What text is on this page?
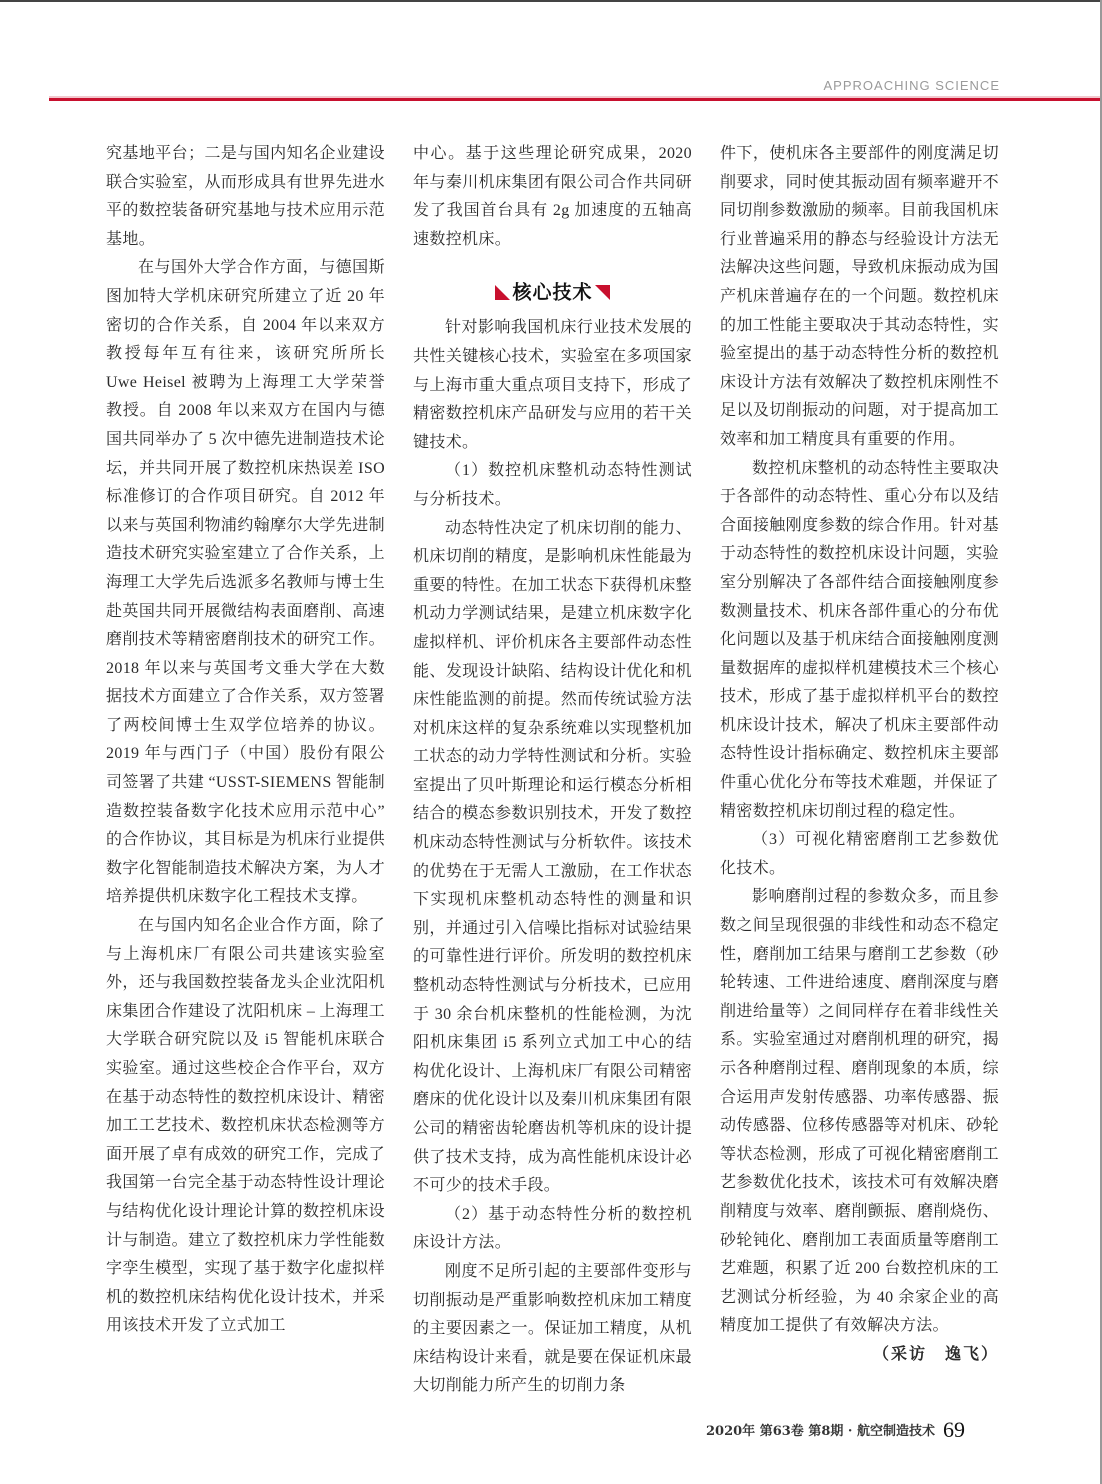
APPROACHING SCIENCE

究基地平台；二是与国内知名企业建设联合实验室，从而形成具有世界先进水平的数控装备研究基地与技术应用示范基地。

在与国外大学合作方面，与德国斯图加特大学机床研究所建立了近 20 年密切的合作关系，自 2004 年以来双方教授每年互有往来，该研究所所长 Uwe Heisel 被聘为上海理工大学荣誉教授。自 2008 年以来双方在国内与德国共同举办了 5 次中德先进制造技术论坛，并共同开展了数控机床热误差 ISO 标准修订的合作项目研究。自 2012 年以来与英国利物浦约翰摩尔大学先进制造技术研究实验室建立了合作关系，上海理工大学先后选派多名教师与博士生赴英国共同开展微结构表面磨削、高速磨削技术等精密磨削技术的研究工作。2018 年以来与英国考文垂大学在大数据技术方面建立了合作关系，双方签署了两校间博士生双学位培养的协议。2019 年与西门子（中国）股份有限公司签署了共建 “USST-SIEMENS 智能制造数控装备数字化技术应用示范中心” 的合作协议，其目标是为机床行业提供数字化智能制造技术解决方案，为人才培养提供机床数字化工程技术支撑。

在与国内知名企业合作方面，除了与上海机床厂有限公司共建该实验室外，还与我国数控装备龙头企业沈阳机床集团合作建设了沈阳机床 – 上海理工大学联合研究院以及 i5 智能机床联合实验室。通过这些校企合作平台，双方在基于动态特性的数控机床设计、精密加工工艺技术、数控机床状态检测等方面开展了卓有成效的研究工作，完成了我国第一台完全基于动态特性设计理论与结构优化设计理论计算的数控机床设计与制造。建立了数控机床力学性能数字孪生模型，实现了基于数字化虚拟样机的数控机床结构优化设计技术，并采用该技术开发了立式加工

中心。基于这些理论研究成果，2020 年与秦川机床集团有限公司合作共同研发了我国首台具有 2g 加速度的五轴高速数控机床。

核心技术

针对影响我国机床行业技术发展的共性关键核心技术，实验室在多项国家与上海市重大重点项目支持下，形成了精密数控机床产品研发与应用的若干关键技术。

（1）数控机床整机动态特性测试与分析技术。

动态特性决定了机床切削的能力、机床切削的精度，是影响机床性能最为重要的特性。在加工状态下获得机床整机动力学测试结果，是建立机床数字化虚拟样机、评价机床各主要部件动态性能、发现设计缺陷、结构设计优化和机床性能监测的前提。然而传统试验方法对机床这样的复杂系统难以实现整机加工状态的动力学特性测试和分析。实验室提出了贝叶斯理论和运行模态分析相结合的模态参数识别技术，开发了数控机床动态特性测试与分析软件。该技术的优势在于无需人工激励，在工作状态下实现机床整机动态特性的测量和识别，并通过引入信噪比指标对试验结果的可靠性进行评价。所发明的数控机床整机动态特性测试与分析技术，已应用于 30 余台机床整机的性能检测，为沈阳机床集团 i5 系列立式加工中心的结构优化设计、上海机床厂有限公司精密磨床的优化设计以及秦川机床集团有限公司的精密齿轮磨齿机等机床的设计提供了技术支持，成为高性能机床设计必不可少的技术手段。

（2）基于动态特性分析的数控机床设计方法。

刚度不足所引起的主要部件变形与切削振动是严重影响数控机床加工精度的主要因素之一。保证加工精度，从机床结构设计来看，就是要在保证机床最大切削能力所产生的切削力条

件下，使机床各主要部件的刚度满足切削要求，同时使其振动固有频率避开不同切削参数激励的频率。目前我国机床行业普遍采用的静态与经验设计方法无法解决这些问题，导致机床振动成为国产机床普遍存在的一个问题。数控机床的加工性能主要取决于其动态特性，实验室提出的基于动态特性分析的数控机床设计方法有效解决了数控机床刚性不足以及切削振动的问题，对于提高加工效率和加工精度具有重要的作用。

数控机床整机的动态特性主要取决于各部件的动态特性、重心分布以及结合面接触刚度参数的综合作用。针对基于动态特性的数控机床设计问题，实验室分别解决了各部件结合面接触刚度参数测量技术、机床各部件重心的分布优化问题以及基于机床结合面接触刚度测量数据库的虚拟样机建模技术三个核心技术，形成了基于虚拟样机平台的数控机床设计技术，解决了机床主要部件动态特性设计指标确定、数控机床主要部件重心优化分布等技术难题，并保证了精密数控机床切削过程的稳定性。

（3）可视化精密磨削工艺参数优化技术。

影响磨削过程的参数众多，而且参数之间呈现很强的非线性和动态不稳定性，磨削加工结果与磨削工艺参数（砂轮转速、工件进给速度、磨削深度与磨削进给量等）之间同样存在着非线性关系。实验室通过对磨削机理的研究，揭示各种磨削过程、磨削现象的本质，综合运用声发射传感器、功率传感器、振动传感器、位移传感器等对机床、砂轮等状态检测，形成了可视化精密磨削工艺参数优化技术，该技术可有效解决磨削精度与效率、磨削颤振、磨削烧伤、砂轮钝化、磨削加工表面质量等磨削工艺难题，积累了近 200 台数控机床的工艺测试分析经验，为 40 余家企业的高精度加工提供了有效解决方法。

（采访　逸飞）

2020年 第63卷 第8期 · 航空制造技术 69
